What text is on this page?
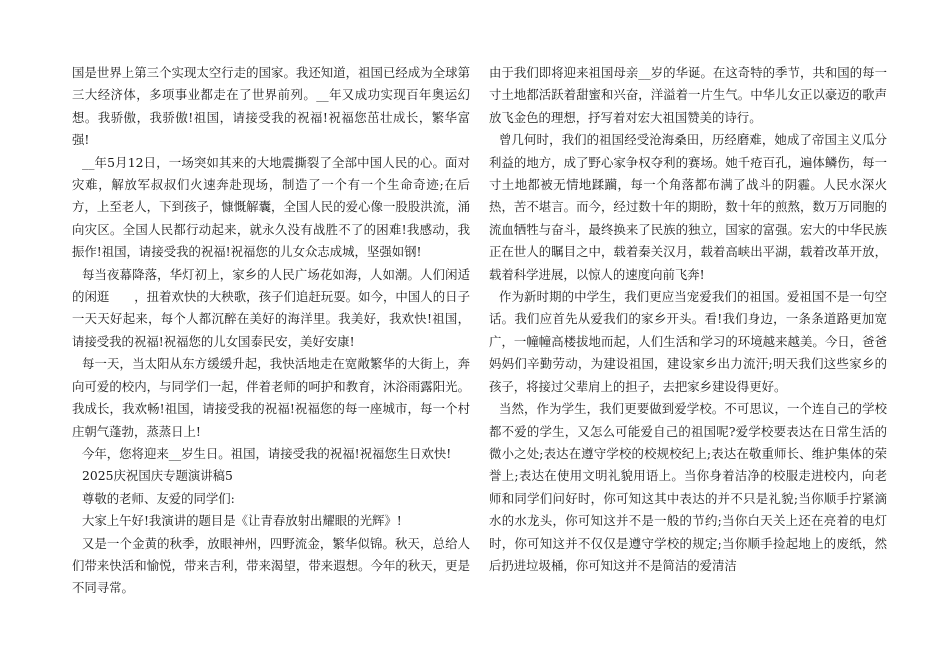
国是世界上第三个实现太空行走的国家。我还知道，祖国已经成为全球第三大经济体，多项事业都走在了世界前列。__年又成功实现百年奥运幻想。我骄傲，我骄傲!祖国，请接受我的祝福!祝福您茁壮成长，繁华富强!

__年5月12日，一场突如其来的大地震撕裂了全部中国人民的心。面对灾难，解放军叔叔们火速奔赴现场，制造了一个有一个生命奇迹;在后方，上至老人，下到孩子，慷慨解囊，全国人民的爱心像一股股洪流，涌向灾区。全国人民都行动起来，就永久没有战胜不了的困难!我感动，我振作!祖国，请接受我的祝福!祝福您的儿女众志成城，坚强如钢!

每当夜幕降落，华灯初上，家乡的人民广场花如海，人如潮。人们闲适的闲逛　　，扭着欢快的大秧歌，孩子们追赶玩耍。如今，中国人的日子一天天好起来，每个人都沉醉在美好的海洋里。我美好，我欢快!祖国，请接受我的祝福!祝福您的儿女国泰民安，美好安康!

每一天，当太阳从东方缓缓升起，我快活地走在宽敞繁华的大街上，奔向可爱的校内，与同学们一起，伴着老师的呵护和教育，沐浴雨露阳光。我成长，我欢畅!祖国，请接受我的祝福!祝福您的每一座城市，每一个村庄朝气蓬勃，蒸蒸日上!

今年，您将迎来__岁生日。祖国，请接受我的祝福!祝福您生日欢快!

2025庆祝国庆专题演讲稿5

尊敬的老师、友爱的同学们:

大家上午好!我演讲的题目是《让青春放射出耀眼的光辉》!

又是一个金黄的秋季，放眼神州，四野流金，繁华似锦。秋天，总给人们带来快活和愉悦，带来吉利，带来渴望，带来遐想。今年的秋天，更是不同寻常。

由于我们即将迎来祖国母亲__岁的华诞。在这奇特的季节，共和国的每一寸土地都活跃着甜蜜和兴奋，洋溢着一片生气。中华儿女正以豪迈的歌声放飞金色的理想，抒写着对宏大祖国赞美的诗行。

曾几何时，我们的祖国经受沧海桑田，历经磨难，她成了帝国主义瓜分利益的地方，成了野心家争权夺利的赛场。她千疮百孔，遍体鳞伤，每一寸土地都被无情地蹂躏，每一个角落都布满了战斗的阴霾。人民水深火热，苦不堪言。而今，经过数十年的期盼，数十年的煎熬，数万万同胞的流血牺牲与奋斗，最终换来了民族的独立，国家的富强。宏大的中华民族正在世人的瞩目之中，载着秦关汉月，载着高峡出平湖，载着改革开放，载着科学进展，以惊人的速度向前飞奔!

作为新时期的中学生，我们更应当宠爱我们的祖国。爱祖国不是一句空话。我们应首先从爱我们的家乡开头。看!我们身边，一条条道路更加宽广，一幢幢高楼拔地而起，人们生活和学习的环境越来越美。今日，爸爸妈妈们辛勤劳动，为建设祖国，建设家乡出力流汗;明天我们这些家乡的孩子，将接过父辈肩上的担子，去把家乡建设得更好。

当然，作为学生，我们更要做到爱学校。不可思议，一个连自己的学校都不爱的学生，又怎么可能爱自己的祖国呢?爱学校要表达在日常生活的微小之处;表达在遵守学校的校规校纪上;表达在敬重师长、维护集体的荣誉上;表达在使用文明礼貌用语上。当你身着洁净的校服走进校内，向老师和同学们问好时，你可知这其中表达的并不只是礼貌;当你顺手拧紧滴水的水龙头，你可知这并不是一般的节约;当你白天关上还在亮着的电灯时，你可知这并不仅仅是遵守学校的规定;当你顺手捡起地上的废纸，然后扔进垃圾桶，你可知这并不是简洁的爱清洁
